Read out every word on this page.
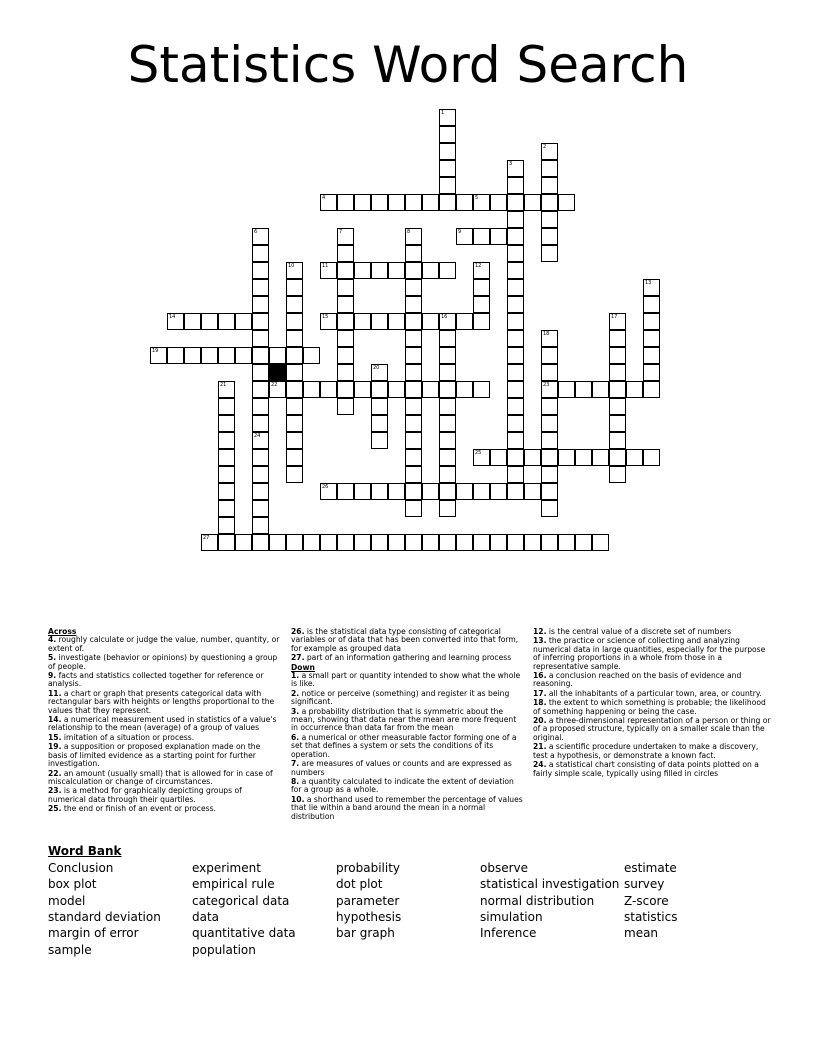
Statistics Word Search
1
2
3
4	5
6
24
7	8	9
10	11	12
13
14	15	16	17
18
23
19
20
21	22
25
26
27
Across
4. roughly calculate or judge the value, number, quantity, or extent of.
5. investigate (behavior or opinions) by questioning a group of people.
9. facts and statistics collected together for reference or analysis.
11. a chart or graph that presents categorical data with rectangular bars with heights or lengths proportional to the values that they represent.
14. a numerical measurement used in statistics of a value's relationship to the mean (average) of a group of values
15. imitation of a situation or process.
19. a supposition or proposed explanation made on the basis of limited evidence as a starting point for further investigation.
22. an amount (usually small) that is allowed for in case of miscalculation or change of circumstances.
23. is a method for graphically depicting groups of numerical data through their quartiles.
25. the end or finish of an event or process.
26. is the statistical data type consisting of categorical variables or of data that has been converted into that form, for example as grouped data
27. part of an information gathering and learning process
Down
1. a small part or quantity intended to show what the whole is like.
2. notice or perceive (something) and register it as being significant.
3. a probability distribution that is symmetric about the mean, showing that data near the mean are more frequent in occurrence than data far from the mean
6. a numerical or other measurable factor forming one of a set that defines a system or sets the conditions of its operation.
7. are measures of values or counts and are expressed as numbers
8. a quantity calculated to indicate the extent of deviation for a group as a whole.
10. a shorthand used to remember the percentage of values that lie within a band around the mean in a normal distribution
12. is the central value of a discrete set of numbers
13. the practice or science of collecting and analyzing numerical data in large quantities, especially for the purpose of inferring proportions in a whole from those in a representative sample.
16. a conclusion reached on the basis of evidence and reasoning.
17. all the inhabitants of a particular town, area, or country.
18. the extent to which something is probable; the likelihood of something happening or being the case.
20. a three-dimensional representation of a person or thing or of a proposed structure, typically on a smaller scale than the original.
21. a scientific procedure undertaken to make a discovery, test a hypothesis, or demonstrate a known fact.
24. a statistical chart consisting of data points plotted on a fairly simple scale, typically using filled in circles
Word Bank
Conclusion
box plot
model
standard deviation
margin of error
sample
experiment
empirical rule
categorical data
data
quantitative data
population
probability
dot plot
parameter
hypothesis
bar graph
observe
statistical investigation
normal distribution
simulation
Inference
estimate
survey
Z-score
statistics
mean
